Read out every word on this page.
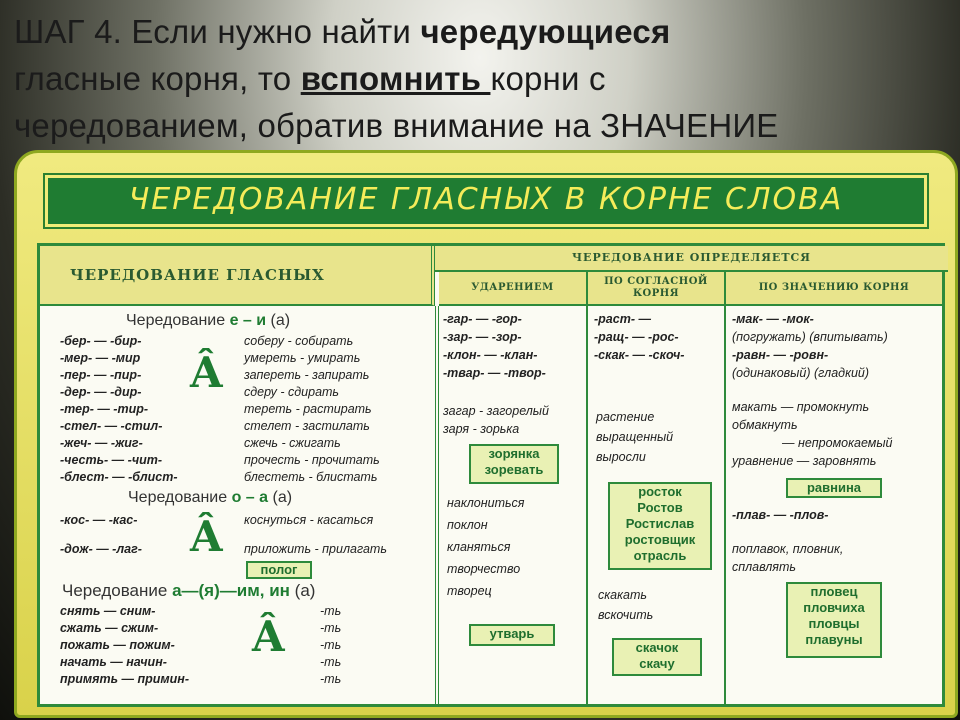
ШАГ 4. Если нужно найти чередующиеся
гласные корня, то вспомнить корни с
чередованием, обратив внимание на ЗНАЧЕНИЕ
ЧЕРЕДОВАНИЕ ГЛАСНЫХ В КОРНЕ СЛОВА
ЧЕРЕДОВАНИЕ ГЛАСНЫХ
ЧЕРЕДОВАНИЕ ОПРЕДЕЛЯЕТСЯ
УДАРЕНИЕМ
ПО СОГЛАСНОЙ КОРНЯ
ПО ЗНАЧЕНИЮ КОРНЯ
Чередование е – и (а)
-бер- — -бир-
-мер- — -мир
-пер- — -пир-
-дер- — -дир-
-тер- — -тир-
-стел- — -стил-
-жеч- — -жиг-
-честь- — -чит-
-блест- — -блист-
соберу - собирать
умереть - умирать
запереть - запирать
сдеру - сдирать
тереть - растирать
стелет - застилать
сжечь - сжигать
прочесть - прочитать
блестеть - блистать
Â
Чередование о – а (а)
-кос- — -кас-
-дож- — -лаг-
коснуться - касаться
приложить - прилагать
Â
полог
Чередование а—(я)—им, ин (а)
снять — сним-
сжать — сжим-
пожать — пожим-
начать — начин-
примять — примин-
-ть
-ть
-ть
-ть
-ть
Â
-гар- — -гор-
-зар- — -зор-
-клон- — -клан-
-твар- — -твор-
загар - загорелый
заря - зорька
зорянка
зоревать
наклониться
поклон
кланяться
творчество
творец
утварь
-раст- —
-ращ- — -рос-
-скак- — -скоч-
растение
выращенный
выросли
росток
Ростов
Ростислав
ростовщик
отрасль
скакать
вскочить
скачок
скачу
-мак- — -мок-
(погружать) (впитывать)
-равн- — -ровн-
(одинаковый) (гладкий)
макать — промокнуть
обмакнуть
— непромокаемый
уравнение — заровнять
равнина
-плав- — -плов-
поплавок, пловник,
сплавлять
пловец
пловчиха
пловцы
плавуны
